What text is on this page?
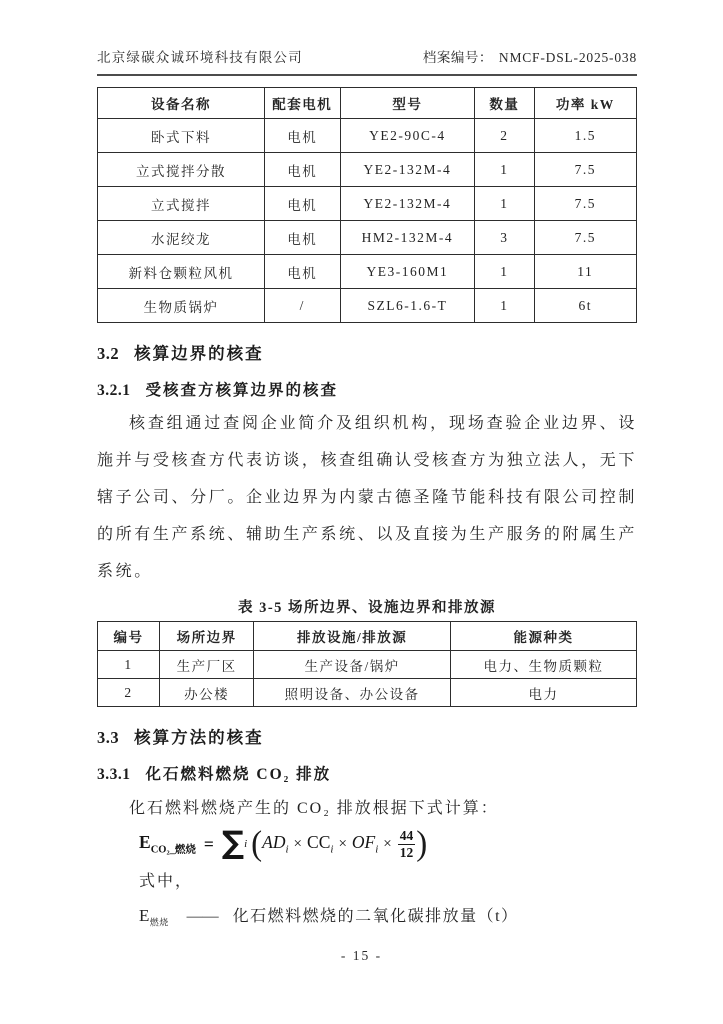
北京绿碳众诚环境科技有限公司	档案编号： NMCF-DSL-2025-038
设备名称	配套电机	型号	数量	功率 kW
卧式下料	电机	YE2-90C-4	2	1.5
立式搅拌分散	电机	YE2-132M-4	1	7.5
立式搅拌	电机	YE2-132M-4	1	7.5
水泥绞龙	电机	HM2-132M-4	3	7.5
新料仓颗粒风机	电机	YE3-160M1	1	11
生物质锅炉	/	SZL6-1.6-T	1	6t
3.2 核算边界的核查
3.2.1 受核查方核算边界的核查

核查组通过查阅企业简介及组织机构，现场查验企业边界、设施并与受核查方代表访谈，核查组确认受核查方为独立法人，无下辖子公司、分厂。企业边界为内蒙古德圣隆节能科技有限公司控制的所有生产系统、辅助生产系统、以及直接为生产服务的附属生产系统。

表 3-5 场所边界、设施边界和排放源
编号	场所边界	排放设施/排放源	能源种类
1	生产厂区	生产设备/锅炉	电力、生物质颗粒
2	办公楼	照明设备、办公设备	电力
3.3 核算方法的核查
3.3.1 化石燃料燃烧 CO₂ 排放

化石燃料燃烧产生的 CO₂ 排放根据下式计算：

$E_{CO_2\_燃烧}$ = ∑ i ( $AD_i \times CC_i \times OF_i \times \frac{44}{12}$ )
式中，
$E_{燃烧}$ —— 化石燃料燃烧的二氧化碳排放量（t）
- 15 -
